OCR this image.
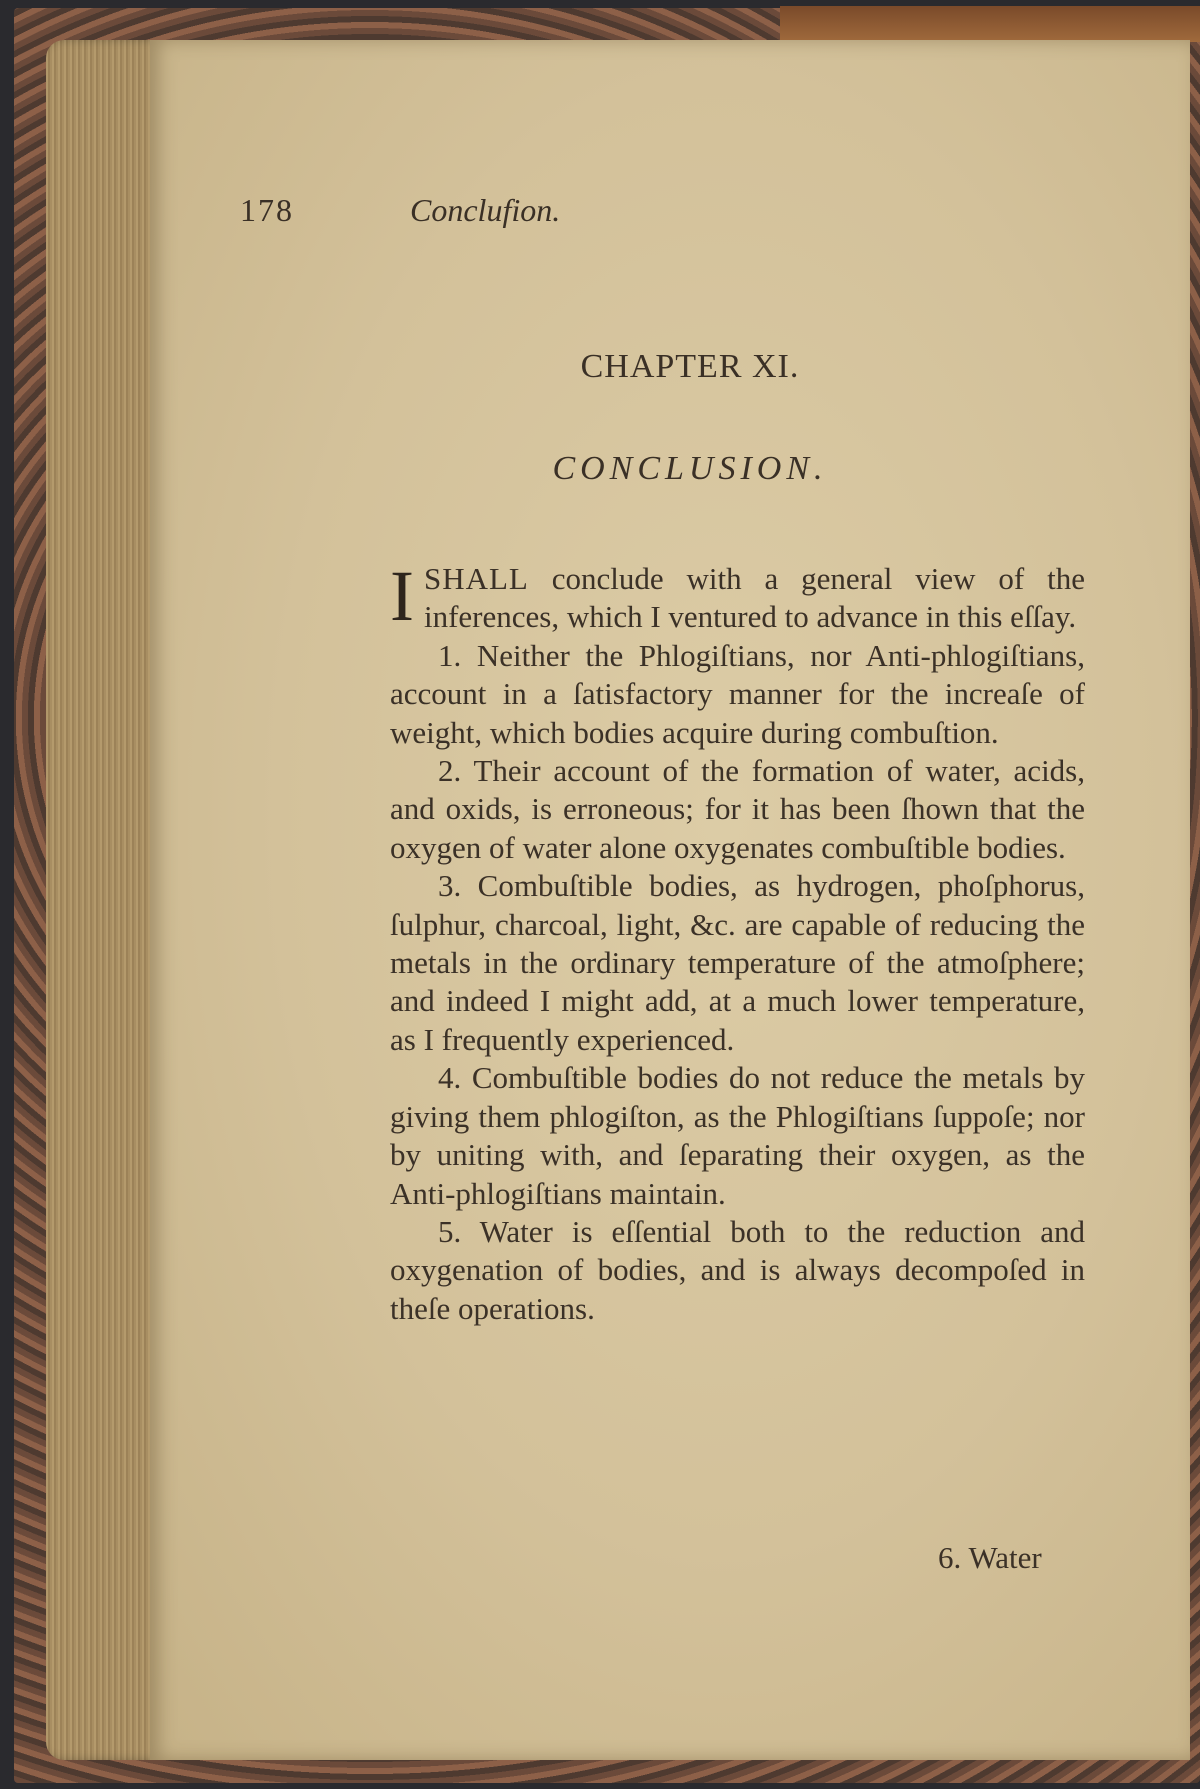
178	Conclufion.
CHAPTER XI.
CONCLUSION.

ISHALL conclude with a general view of the inferences, which I ventured to advance in this eſſay.

1. Neither the Phlogiſtians, nor Anti-phlogiſtians, account in a ſatisfactory manner for the increaſe of weight, which bodies acquire during combuſtion.

2. Their account of the formation of water, acids, and oxids, is erroneous; for it has been ſhown that the oxygen of water alone oxygenates combuſtible bodies.

3. Combuſtible bodies, as hydrogen, phoſphorus, ſulphur, charcoal, light, &c. are capable of reducing the metals in the ordinary temperature of the atmoſphere; and indeed I might add, at a much lower temperature, as I frequently experienced.

4. Combuſtible bodies do not reduce the metals by giving them phlogiſton, as the Phlogiſtians ſuppoſe; nor by uniting with, and ſeparating their oxygen, as the Anti-phlogiſtians maintain.

5. Water is eſſential both to the reduction and oxygenation of bodies, and is always decompoſed in theſe operations.

6. Water
